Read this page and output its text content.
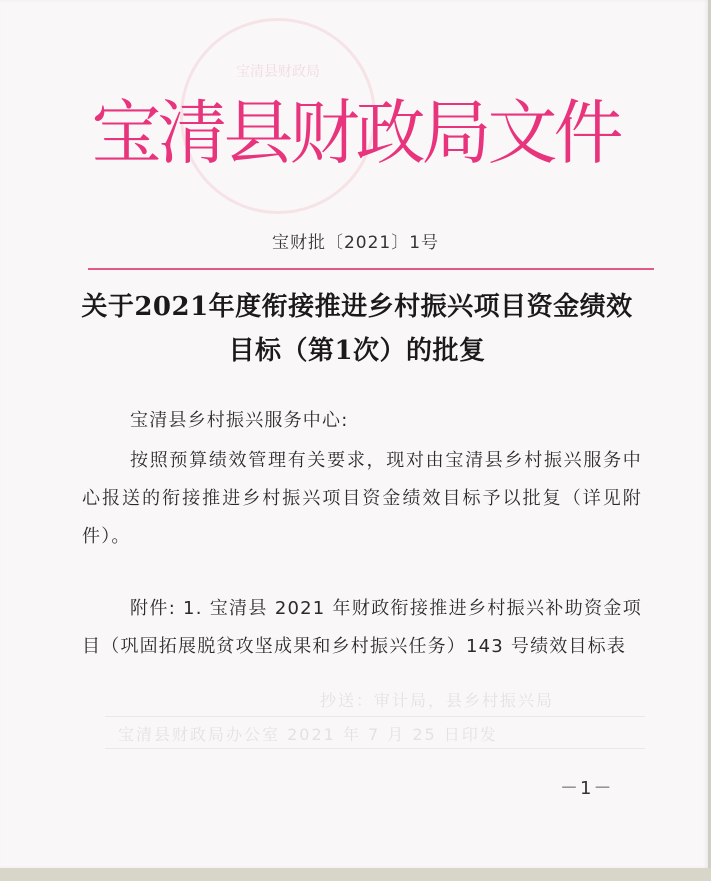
宝清县财政局
宝清县财政局文件
宝财批〔2021〕1号
关于2021年度衔接推进乡村振兴项目资金绩效
目标（第1次）的批复
宝清县乡村振兴服务中心:
按照预算绩效管理有关要求，现对由宝清县乡村振兴服务中心报送的衔接推进乡村振兴项目资金绩效目标予以批复（详见附件）。
附件: 1. 宝清县 2021 年财政衔接推进乡村振兴补助资金项目（巩固拓展脱贫攻坚成果和乡村振兴任务）143 号绩效目标表
抄送：审计局，县乡村振兴局
宝清县财政局办公室 2021 年 7 月 25 日印发
－1－
